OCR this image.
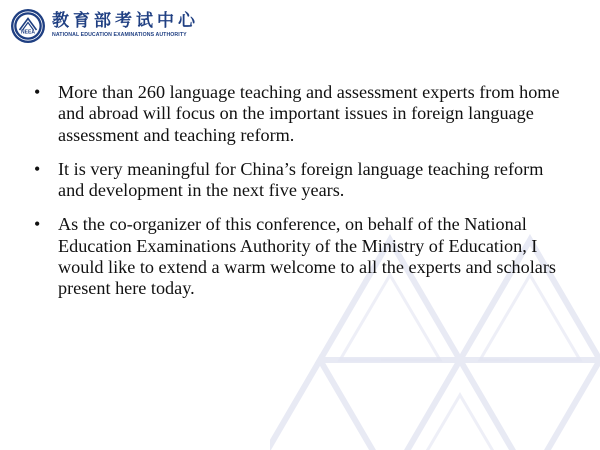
NEEA
教育部考试中心
NATIONAL EDUCATION EXAMINATIONS AUTHORITY
• More than 260 language teaching and assessment experts from home and abroad will focus on the important issues in foreign language assessment and teaching reform.
• It is very meaningful for China’s foreign language teaching reform and development in the next five years.
• As the co-organizer of this conference, on behalf of the National Education Examinations Authority of the Ministry of Education, I would like to extend a warm welcome to all the experts and scholars present here today.
